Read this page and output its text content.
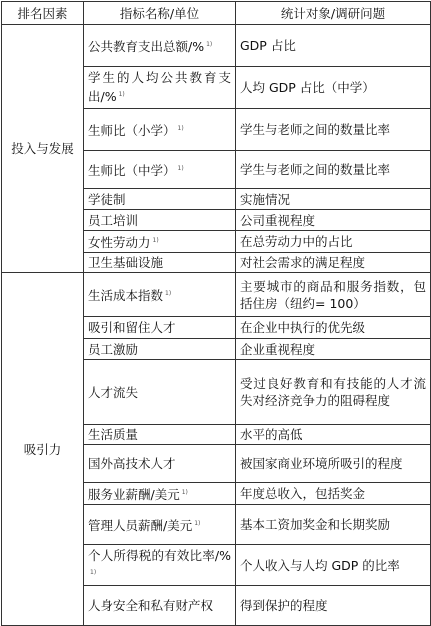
排名因素	指标名称/单位	统计对象/调研问题
投入与发展	公共教育支出总额/% $^{1)}$	GDP 占比
	学生的人均公共教育支出/% $^{1)}$	人均 GDP 占比（中学）
	生师比（小学） $^{1)}$	学生与老师之间的数量比率
	生师比（中学） $^{1)}$	学生与老师之间的数量比率
	学徒制	实施情况
	员工培训	公司重视程度
	女性劳动力 $^{1)}$	在总劳动力中的占比
	卫生基础设施	对社会需求的满足程度
吸引力	生活成本指数 $^{1)}$	主要城市的商品和服务指数，包括住房（纽约= 100）
	吸引和留住人才	在企业中执行的优先级
	员工激励	企业重视程度
	人才流失	受过良好教育和有技能的人才流失对经济竞争力的阻碍程度
	生活质量	水平的高低
	国外高技术人才	被国家商业环境所吸引的程度
	服务业薪酬/美元 $^{1)}$	年度总收入，包括奖金
	管理人员薪酬/美元 $^{1)}$	基本工资加奖金和长期奖励
	个人所得税的有效比率/%$^{1)}$	个人收入与人均 GDP 的比率
	人身安全和私有财产权	得到保护的程度
